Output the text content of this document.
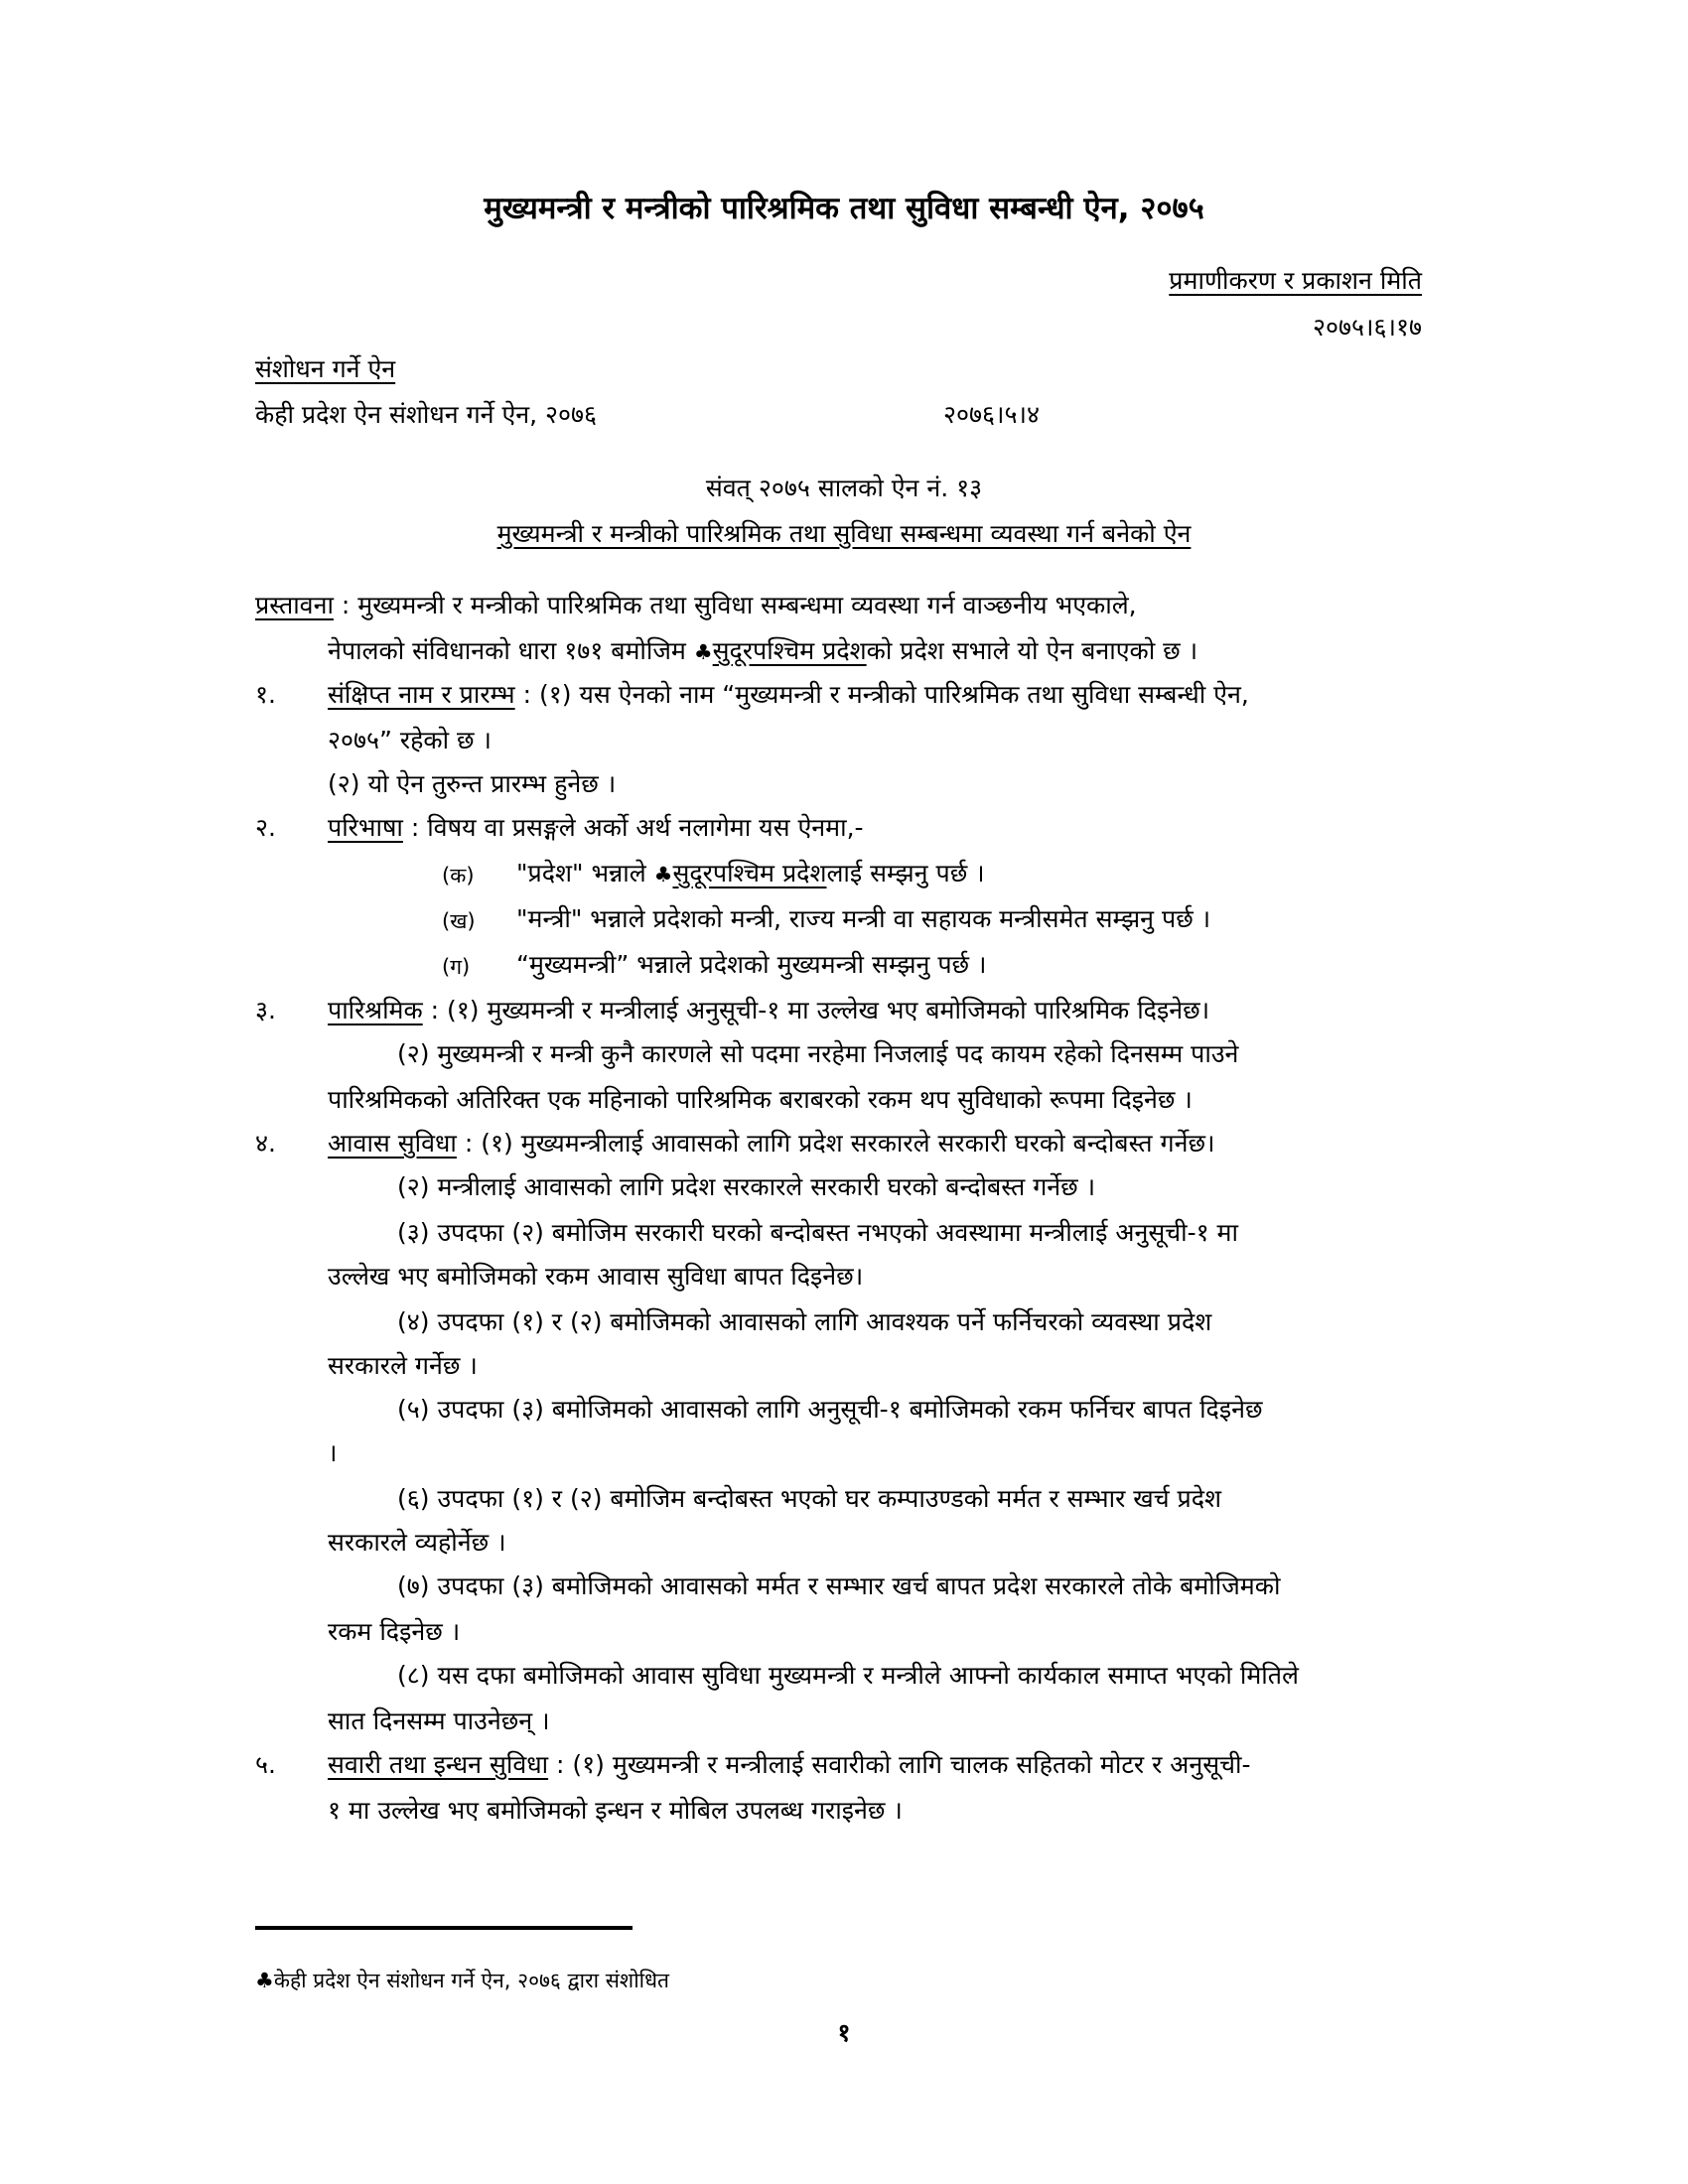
मुख्यमन्त्री र मन्त्रीको पारिश्रमिक तथा सुविधा सम्बन्धी ऐन, २०७५
प्रमाणीकरण र प्रकाशन मिति
२०७५।६।१७
संशोधन गर्ने ऐन
केही प्रदेश ऐन संशोधन गर्ने ऐन, २०७६	२०७६।५।४
संवत् २०७५ सालको ऐन नं. १३
मुख्यमन्त्री र मन्त्रीको पारिश्रमिक तथा सुविधा सम्बन्धमा व्यवस्था गर्न बनेको ऐन
प्रस्तावना : मुख्यमन्त्री र मन्त्रीको पारिश्रमिक तथा सुविधा सम्बन्धमा व्यवस्था गर्न वाञ्छनीय भएकाले,
नेपालको संविधानको धारा १७१ बमोजिम ♣सुदूरपश्चिम प्रदेशको प्रदेश सभाले यो ऐन बनाएको छ ।
१.	संक्षिप्त नाम र प्रारम्भ : (१) यस ऐनको नाम “मुख्यमन्त्री र मन्त्रीको पारिश्रमिक तथा सुविधा सम्बन्धी ऐन,
२०७५” रहेको छ ।
(२) यो ऐन तुरुन्त प्रारम्भ हुनेछ ।
२.	परिभाषा : विषय वा प्रसङ्गले अर्को अर्थ नलागेमा यस ऐनमा,-
(क) "प्रदेश" भन्नाले ♣सुदूरपश्चिम प्रदेशलाई सम्झनु पर्छ ।
(ख) "मन्त्री" भन्नाले प्रदेशको मन्त्री, राज्य मन्त्री वा सहायक मन्त्रीसमेत सम्झनु पर्छ ।
(ग) “मुख्यमन्त्री” भन्नाले प्रदेशको मुख्यमन्त्री सम्झनु पर्छ ।
३.	पारिश्रमिक : (१) मुख्यमन्त्री र मन्त्रीलाई अनुसूची-१ मा उल्लेख भए बमोजिमको पारिश्रमिक दिइनेछ।
(२) मुख्यमन्त्री र मन्त्री कुनै कारणले सो पदमा नरहेमा निजलाई पद कायम रहेको दिनसम्म पाउने
पारिश्रमिकको अतिरिक्त एक महिनाको पारिश्रमिक बराबरको रकम थप सुविधाको रूपमा दिइनेछ ।
४.	आवास सुविधा : (१) मुख्यमन्त्रीलाई आवासको लागि प्रदेश सरकारले सरकारी घरको बन्दोबस्त गर्नेछ।
(२) मन्त्रीलाई आवासको लागि प्रदेश सरकारले सरकारी घरको बन्दोबस्त गर्नेछ ।
(३) उपदफा (२) बमोजिम सरकारी घरको बन्दोबस्त नभएको अवस्थामा मन्त्रीलाई अनुसूची-१ मा
उल्लेख भए बमोजिमको रकम आवास सुविधा बापत दिइनेछ।
(४) उपदफा (१) र (२) बमोजिमको आवासको लागि आवश्यक पर्ने फर्निचरको व्यवस्था प्रदेश
सरकारले गर्नेछ ।
(५) उपदफा (३) बमोजिमको आवासको लागि अनुसूची-१ बमोजिमको रकम फर्निचर बापत दिइनेछ
।
(६) उपदफा (१) र (२) बमोजिम बन्दोबस्त भएको घर कम्पाउण्डको मर्मत र सम्भार खर्च प्रदेश
सरकारले व्यहोर्नेछ ।
(७) उपदफा (३) बमोजिमको आवासको मर्मत र सम्भार खर्च बापत प्रदेश सरकारले तोके बमोजिमको
रकम दिइनेछ ।
(८) यस दफा बमोजिमको आवास सुविधा मुख्यमन्त्री र मन्त्रीले आफ्नो कार्यकाल समाप्त भएको मितिले
सात दिनसम्म पाउनेछन् ।
५.	सवारी तथा इन्धन सुविधा : (१) मुख्यमन्त्री र मन्त्रीलाई सवारीको लागि चालक सहितको मोटर र अनुसूची-
१ मा उल्लेख भए बमोजिमको इन्धन र मोबिल उपलब्ध गराइनेछ ।
♣केही प्रदेश ऐन संशोधन गर्ने ऐन, २०७६ द्वारा संशोधित
१
